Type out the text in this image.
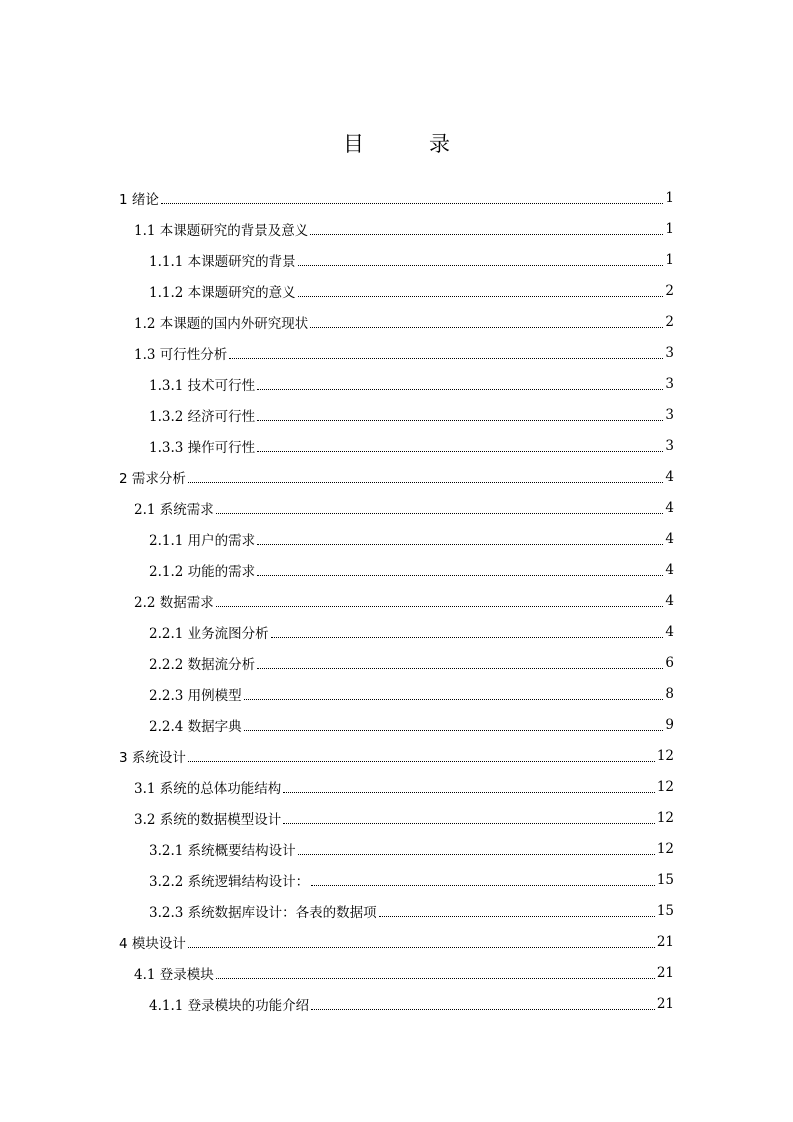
目　录
1 绪论	1
1.1 本课题研究的背景及意义	1
1.1.1 本课题研究的背景	1
1.1.2 本课题研究的意义	2
1.2 本课题的国内外研究现状	2
1.3 可行性分析	3
1.3.1 技术可行性	3
1.3.2 经济可行性	3
1.3.3 操作可行性	3
2 需求分析	4
2.1 系统需求	4
2.1.1 用户的需求	4
2.1.2 功能的需求	4
2.2 数据需求	4
2.2.1 业务流图分析	4
2.2.2 数据流分析	6
2.2.3 用例模型	8
2.2.4 数据字典	9
3 系统设计	12
3.1 系统的总体功能结构	12
3.2 系统的数据模型设计	12
3.2.1 系统概要结构设计	12
3.2.2 系统逻辑结构设计：	15
3.2.3 系统数据库设计：各表的数据项	15
4 模块设计	21
4.1 登录模块	21
4.1.1 登录模块的功能介绍	21
